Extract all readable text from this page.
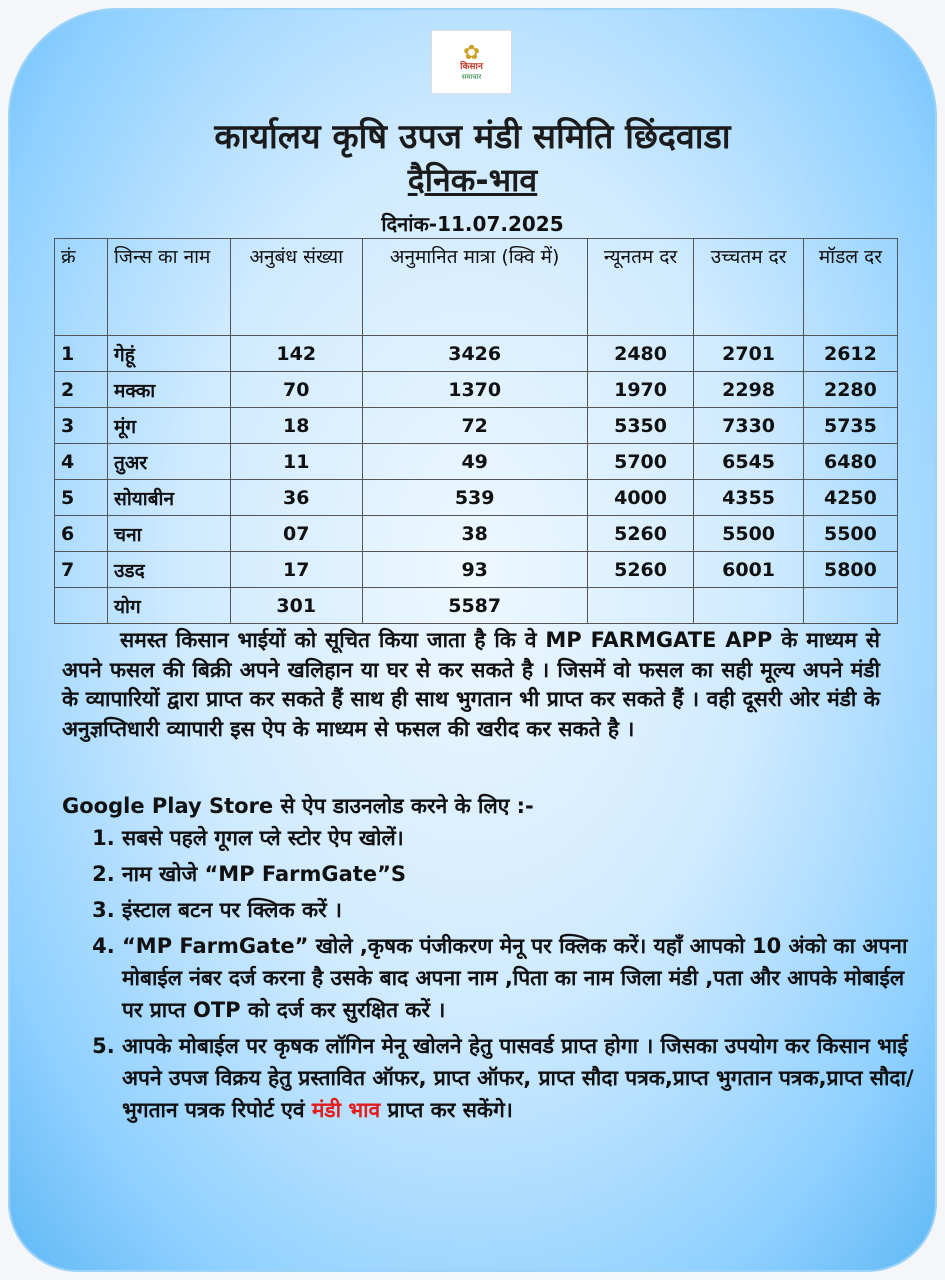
✿
किसान
समाचार
कार्यालय कृषि उपज मंडी समिति छिंदवाडा
दैनिक-भाव
दिनांक-11.07.2025
क्रं	जिन्स का नाम	अनुबंध संख्या	अनुमानित मात्रा (क्वि में)	न्यूनतम दर	उच्चतम दर	मॉडल दर
1	गेहूं	142	3426	2480	2701	2612
2	मक्का	70	1370	1970	2298	2280
3	मूंग	18	72	5350	7330	5735
4	तुअर	11	49	5700	6545	6480
5	सोयाबीन	36	539	4000	4355	4250
6	चना	07	38	5260	5500	5500
7	उडद	17	93	5260	6001	5800
	योग	301	5587			
समस्त किसान भाईयों को सूचित किया जाता है कि वे MP FARMGATE APP के माध्यम से अपने फसल की बिक्री अपने खलिहान या घर से कर सकते है । जिसमें वो फसल का सही मूल्य अपने मंडी के व्यापारियों द्वारा प्राप्त कर सकते हैं साथ ही साथ भुगतान भी प्राप्त कर सकते हैं । वही दूसरी ओर मंडी के अनुज्ञप्तिधारी व्यापारी इस ऐप के माध्यम से फसल की खरीद कर सकते है ।
Google Play Store से ऐप डाउनलोड करने के लिए :-
1. सबसे पहले गूगल प्ले स्टोर ऐप खोलें।
2. नाम खोजे “MP FarmGate”S
3. इंस्टाल बटन पर क्लिक करें ।
4. “MP FarmGate” खोले ,कृषक पंजीकरण मेनू पर क्लिक करें। यहाँ आपको 10 अंको का अपना मोबाईल नंबर दर्ज करना है उसके बाद अपना नाम ,पिता का नाम जिला मंडी ,पता और आपके मोबाईल पर प्राप्त OTP को दर्ज कर सुरक्षित करें ।
5. आपके मोबाईल पर कृषक लॉगिन मेनू खोलने हेतु पासवर्ड प्राप्त होगा । जिसका उपयोग कर किसान भाई अपने उपज विक्रय हेतु प्रस्तावित ऑफर, प्राप्त ऑफर, प्राप्त सौदा पत्रक,प्राप्त भुगतान पत्रक,प्राप्त सौदा/भुगतान पत्रक रिपोर्ट एवं मंडी भाव प्राप्त कर सकेंगे।
